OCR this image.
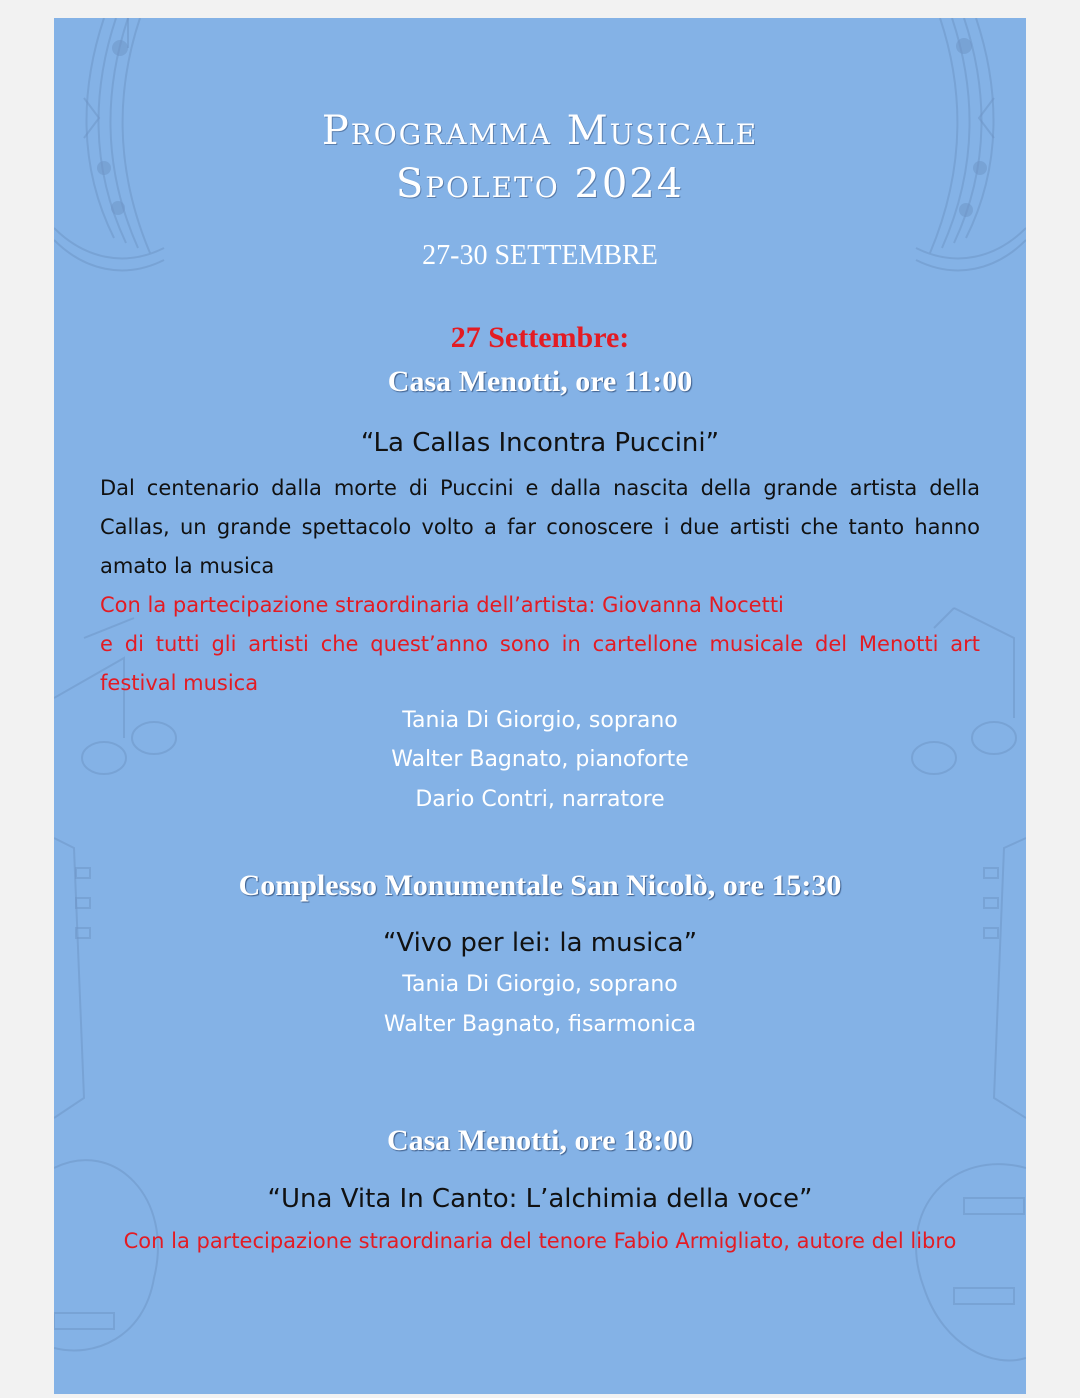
Programma Musicale
Spoleto 2024
27-30 SETTEMBRE
27 Settembre:
Casa Menotti, ore 11:00
“La Callas Incontra Puccini”
Dal centenario dalla morte di Puccini e dalla nascita della grande artista della Callas, un grande spettacolo volto a far conoscere i due artisti che tanto hanno amato la musica
Con la partecipazione straordinaria dell’artista: Giovanna Nocetti
e di tutti gli artisti che quest’anno sono in cartellone musicale del Menotti art festival musica
Tania Di Giorgio, soprano
Walter Bagnato, pianoforte
Dario Contri, narratore
Complesso Monumentale San Nicolò, ore 15:30
“Vivo per lei: la musica”
Tania Di Giorgio, soprano
Walter Bagnato, fisarmonica
Casa Menotti, ore 18:00
“Una Vita In Canto: L’alchimia della voce”
Con la partecipazione straordinaria del tenore Fabio Armigliato, autore del libro
